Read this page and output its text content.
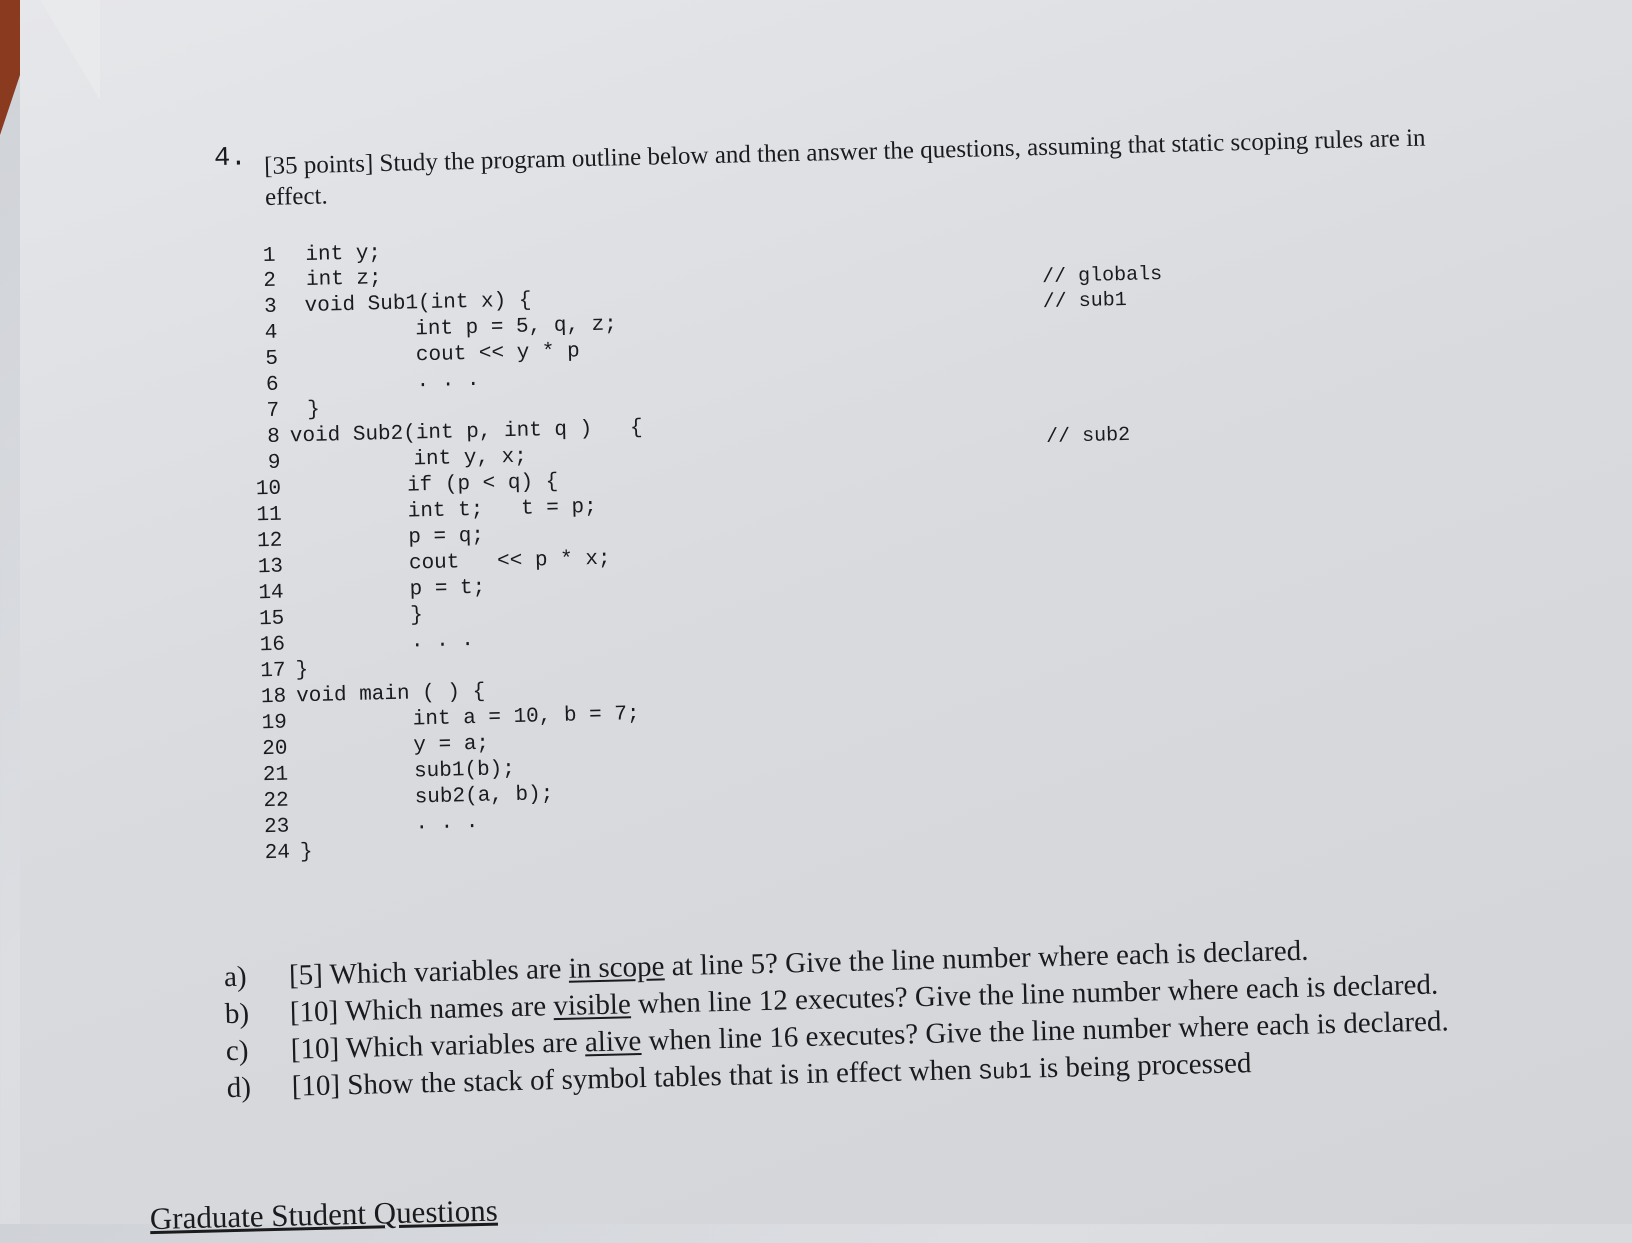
4. [35 points] Study the program outline below and then answer the questions, assuming that static scoping rules are in effect.
1 int y;
2 int z;
3 void Sub1(int x) {
4	int p = 5, q, z;
5	cout << y * p
6	. . .
7 }
8 void Sub2(int p, int q )   {
9	int y, x;
10	if (p < q) {
11	int t;   t = p;
12	p = q;
13	cout   << p * x;
14	p = t;
15	}
16	. . .
17 }
18 void main ( ) {
19	int a = 10, b = 7;
20	y = a;
21	sub1(b);
22	sub2(a, b);
23	. . .
24 }
// globals
// sub1
// sub2
a)	[5] Which variables are in scope at line 5? Give the line number where each is declared.
b)	[10] Which names are visible when line 12 executes? Give the line number where each is declared.
c)	[10] Which variables are alive when line 16 executes? Give the line number where each is declared.
d)	[10] Show the stack of symbol tables that is in effect when Sub1 is being processed
Graduate Student Questions
